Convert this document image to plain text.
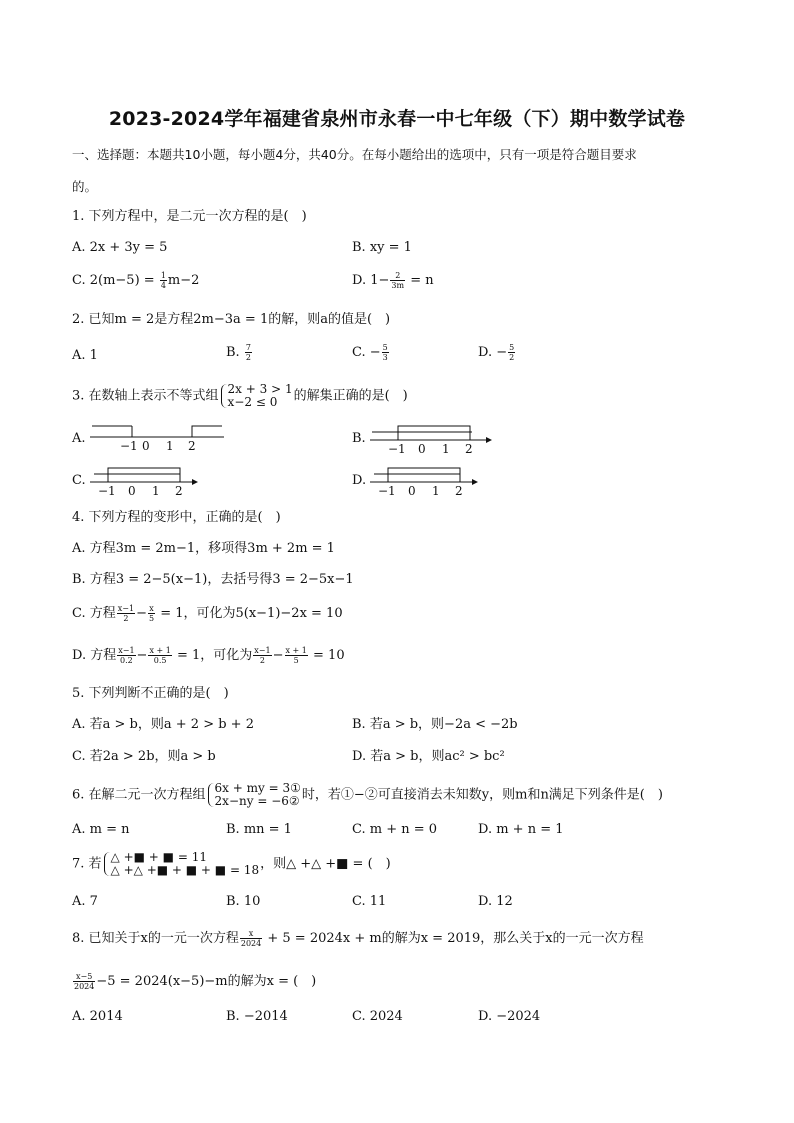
2023-2024学年福建省泉州市永春一中七年级（下）期中数学试卷
一、选择题：本题共10小题，每小题4分，共40分。在每小题给出的选项中，只有一项是符合题目要求
的。
1. 下列方程中，是二元一次方程的是(　)
A. 2x + 3y = 5	B. xy = 1
C. $2(m-5) = \frac{1}{4} m-2$	D. $1- \frac{2}{3m} = n$
2. 已知m = 2是方程2m−3a = 1的解，则a的值是(　)
A. 1	B. $\frac{7}{2}$	C. − $\frac{5}{3}$	D. − $\frac{5}{2}$
3. 在数轴上表示不等式组 2x + 3 > 1
x−2 ≤ 0	的解集正确的是(　)
A.	−1 0 1 2	B.
−1 0 1 2
C.
−1 0 1 2
D.
−1 0 1 2
4. 下列方程的变形中，正确的是(　)
A. 方程3m = 2m−1，移项得3m + 2m = 1
B. 方程3 = 2−5(x−1)，去括号得3 = 2−5x−1
C. 方程 $\frac{x-1}{2} - \frac{x}{5} = 1$，可化为5(x−1)−2x = 10
D. 方程 $\frac{x-1}{0.2} - \frac{x + 1}{0.5} = 1$，可化为 $\frac{x-1}{2} - \frac{x + 1}{5} = 10$
5. 下列判断不正确的是(　)
A. 若a > b，则a + 2 > b + 2	B. 若a > b，则−2a < −2b
C. 若2a > 2b，则a > b	D. 若a > b，则ac² > bc²
6. 在解二元一次方程组 6x + my = 3①
2x−ny = −6② 时，若①−②可直接消去未知数y，则m和n满足下列条件是(　)
A. m = n	B. mn = 1	C. m + n = 0	D. m + n = 1
7. 若 △ +■ + ■ = 11
△ +△ +■ + ■ + ■ = 18 ，则△ +△ +■ = (　)
A. 7	B. 10	C. 11	D. 12
8. 已知关于x的一元一次方程 $\frac{x}{2024} + 5 = 2024x + m$的解为x = 2019，那么关于x的一元一次方程
$\frac{x-5}{2024} -5 = 2024(x-5)-m$的解为x = (　)
A. 2014	B. −2014	C. 2024	D. −2024
